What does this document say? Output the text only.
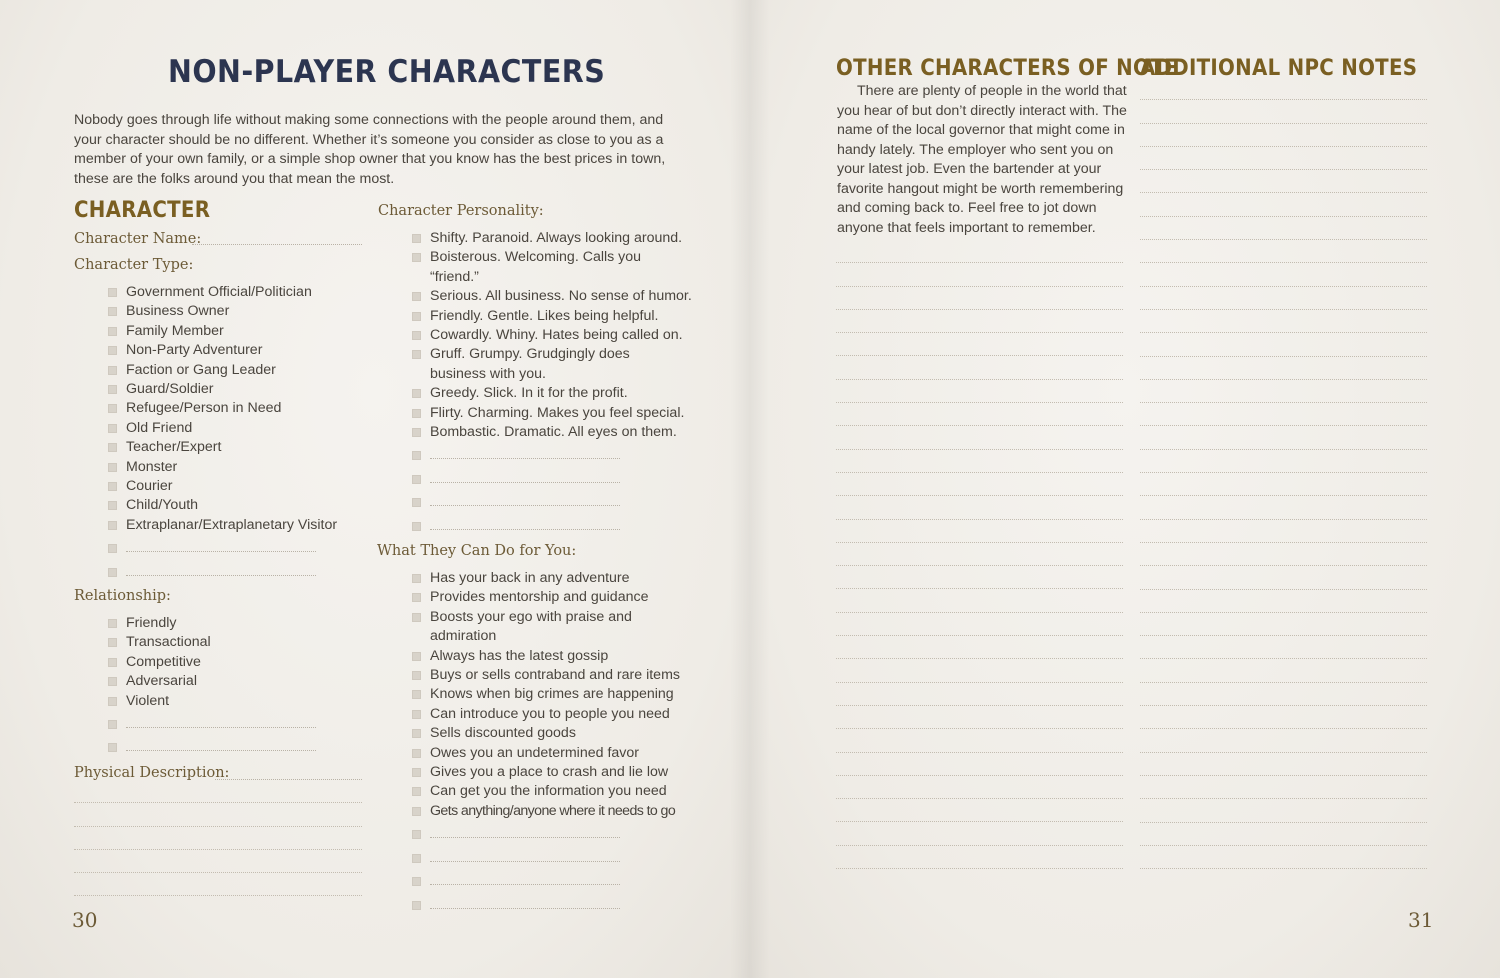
NON-PLAYER CHARACTERS

Nobody goes through life without making some connections with the people around them, and your character should be no different. Whether it’s someone you consider as close to you as a member of your own family, or a simple shop owner that you know has the best prices in town, these are the folks around you that mean the most.

CHARACTER
Character Name:
Character Type:
Government Official/Politician
Business Owner
Family Member
Non-Party Adventurer
Faction or Gang Leader
Guard/Soldier
Refugee/Person in Need
Old Friend
Teacher/Expert
Monster
Courier
Child/Youth
Extraplanar/Extraplanetary Visitor
Relationship:
Friendly
Transactional
Competitive
Adversarial
Violent
Physical Description:
Character Personality:
Shifty. Paranoid. Always looking around.
Boisterous. Welcoming. Calls you
“friend.”
Serious. All business. No sense of humor.
Friendly. Gentle. Likes being helpful.
Cowardly. Whiny. Hates being called on.
Gruff. Grumpy. Grudgingly does
business with you.
Greedy. Slick. In it for the profit.
Flirty. Charming. Makes you feel special.
Bombastic. Dramatic. All eyes on them.
What They Can Do for You:
Has your back in any adventure
Provides mentorship and guidance
Boosts your ego with praise and
admiration
Always has the latest gossip
Buys or sells contraband and rare items
Knows when big crimes are happening
Can introduce you to people you need
Sells discounted goods
Owes you an undetermined favor
Gives you a place to crash and lie low
Can get you the information you need
Gets anything/anyone where it needs to go
30
OTHER CHARACTERS OF NOTE

There are plenty of people in the world that you hear of but don’t directly interact with. The name of the local governor that might come in handy lately. The employer who sent you on your latest job. Even the bartender at your favorite hangout might be worth remembering and coming back to. Feel free to jot down anyone that feels important to remember.

ADDITIONAL NPC NOTES
31
